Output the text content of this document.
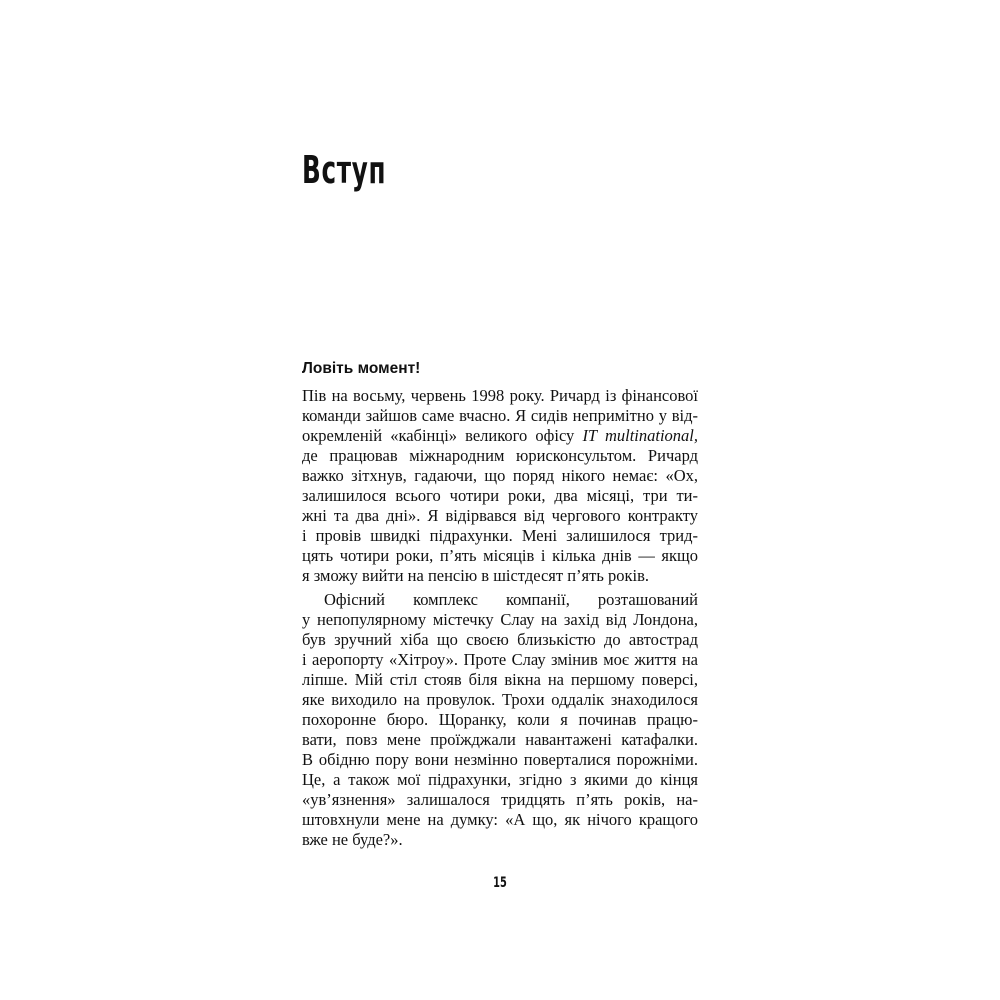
Вступ
Ловіть момент!
Пів на восьму, червень 1998 року. Ричард із фінансової
команди зайшов саме вчасно. Я сидів непримітно у від-
окремленій «кабінці» великого офісу IT multinational,
де працював міжнародним юрисконсультом. Ричард
важко зітхнув, гадаючи, що поряд нікого немає: «Ох,
залишилося всього чотири роки, два місяці, три ти-
жні та два дні». Я відірвався від чергового контракту
і провів швидкі підрахунки. Мені залишилося трид-
цять чотири роки, п’ять місяців і кілька днів — якщо
я зможу вийти на пенсію в шістдесят п’ять років.
Офісний комплекс компанії, розташований
у непопулярному містечку Слау на захід від Лондона,
був зручний хіба що своєю близькістю до автострад
і аеропорту «Хітроу». Проте Слау змінив моє життя на
ліпше. Мій стіл стояв біля вікна на першому поверсі,
яке виходило на провулок. Трохи оддалік знаходилося
похоронне бюро. Щоранку, коли я починав працю-
вати, повз мене проїжджали навантажені катафалки.
В обідню пору вони незмінно поверталися порожніми.
Це, а також мої підрахунки, згідно з якими до кінця
«ув’язнення» залишалося тридцять п’ять років, на-
штовхнули мене на думку: «А що, як нічого кращого
вже не буде?».
15
